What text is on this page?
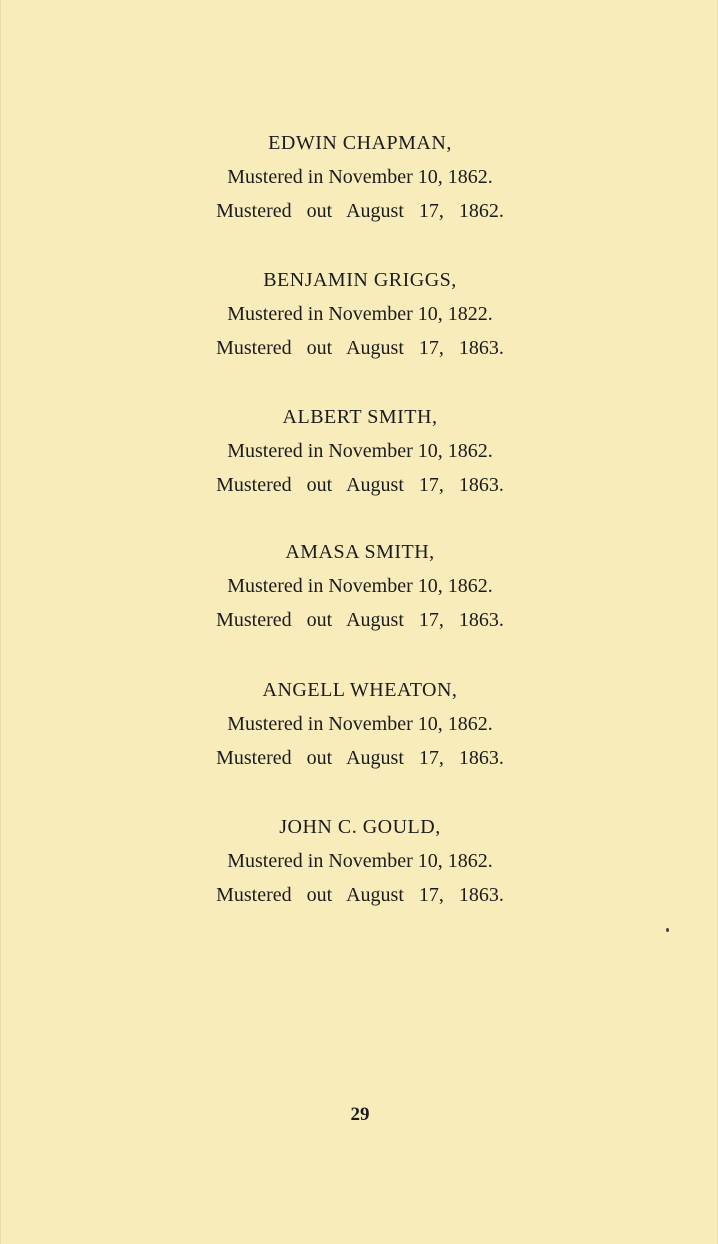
EDWIN CHAPMAN,
Mustered in November 10, 1862.
Mustered out August 17, 1862.
BENJAMIN GRIGGS,
Mustered in November 10, 1822.
Mustered out August 17, 1863.
ALBERT SMITH,
Mustered in November 10, 1862.
Mustered out August 17, 1863.
AMASA SMITH,
Mustered in November 10, 1862.
Mustered out August 17, 1863.
ANGELL WHEATON,
Mustered in November 10, 1862.
Mustered out August 17, 1863.
JOHN C. GOULD,
Mustered in November 10, 1862.
Mustered out August 17, 1863.
29
